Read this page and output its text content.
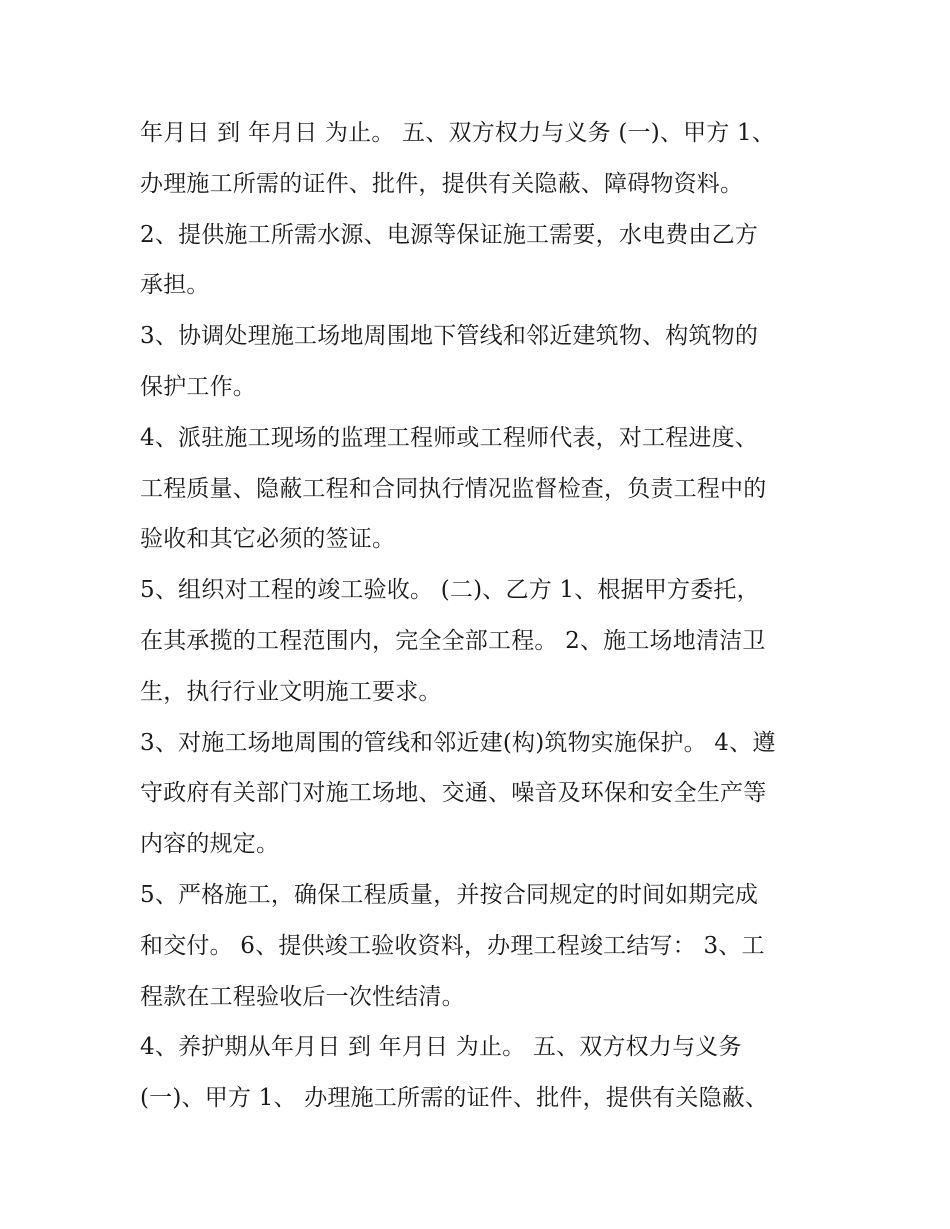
年月日 到 年月日 为止。 五、双方权力与义务 (一)、甲方 1、
办理施工所需的证件、批件，提供有关隐蔽、障碍物资料。
2、提供施工所需水源、电源等保证施工需要，水电费由乙方
承担。
3、协调处理施工场地周围地下管线和邻近建筑物、构筑物的
保护工作。
4、派驻施工现场的监理工程师或工程师代表，对工程进度、
工程质量、隐蔽工程和合同执行情况监督检查，负责工程中的
验收和其它必须的签证。
5、组织对工程的竣工验收。 (二)、乙方 1、根据甲方委托，
在其承揽的工程范围内，完全全部工程。 2、施工场地清洁卫
生，执行行业文明施工要求。
3、对施工场地周围的管线和邻近建(构)筑物实施保护。 4、遵
守政府有关部门对施工场地、交通、噪音及环保和安全生产等
内容的规定。
5、严格施工，确保工程质量，并按合同规定的时间如期完成
和交付。 6、提供竣工验收资料，办理工程竣工结写： 3、工
程款在工程验收后一次性结清。
4、养护期从年月日 到 年月日 为止。 五、双方权力与义务
(一)、甲方 1、 办理施工所需的证件、批件，提供有关隐蔽、
